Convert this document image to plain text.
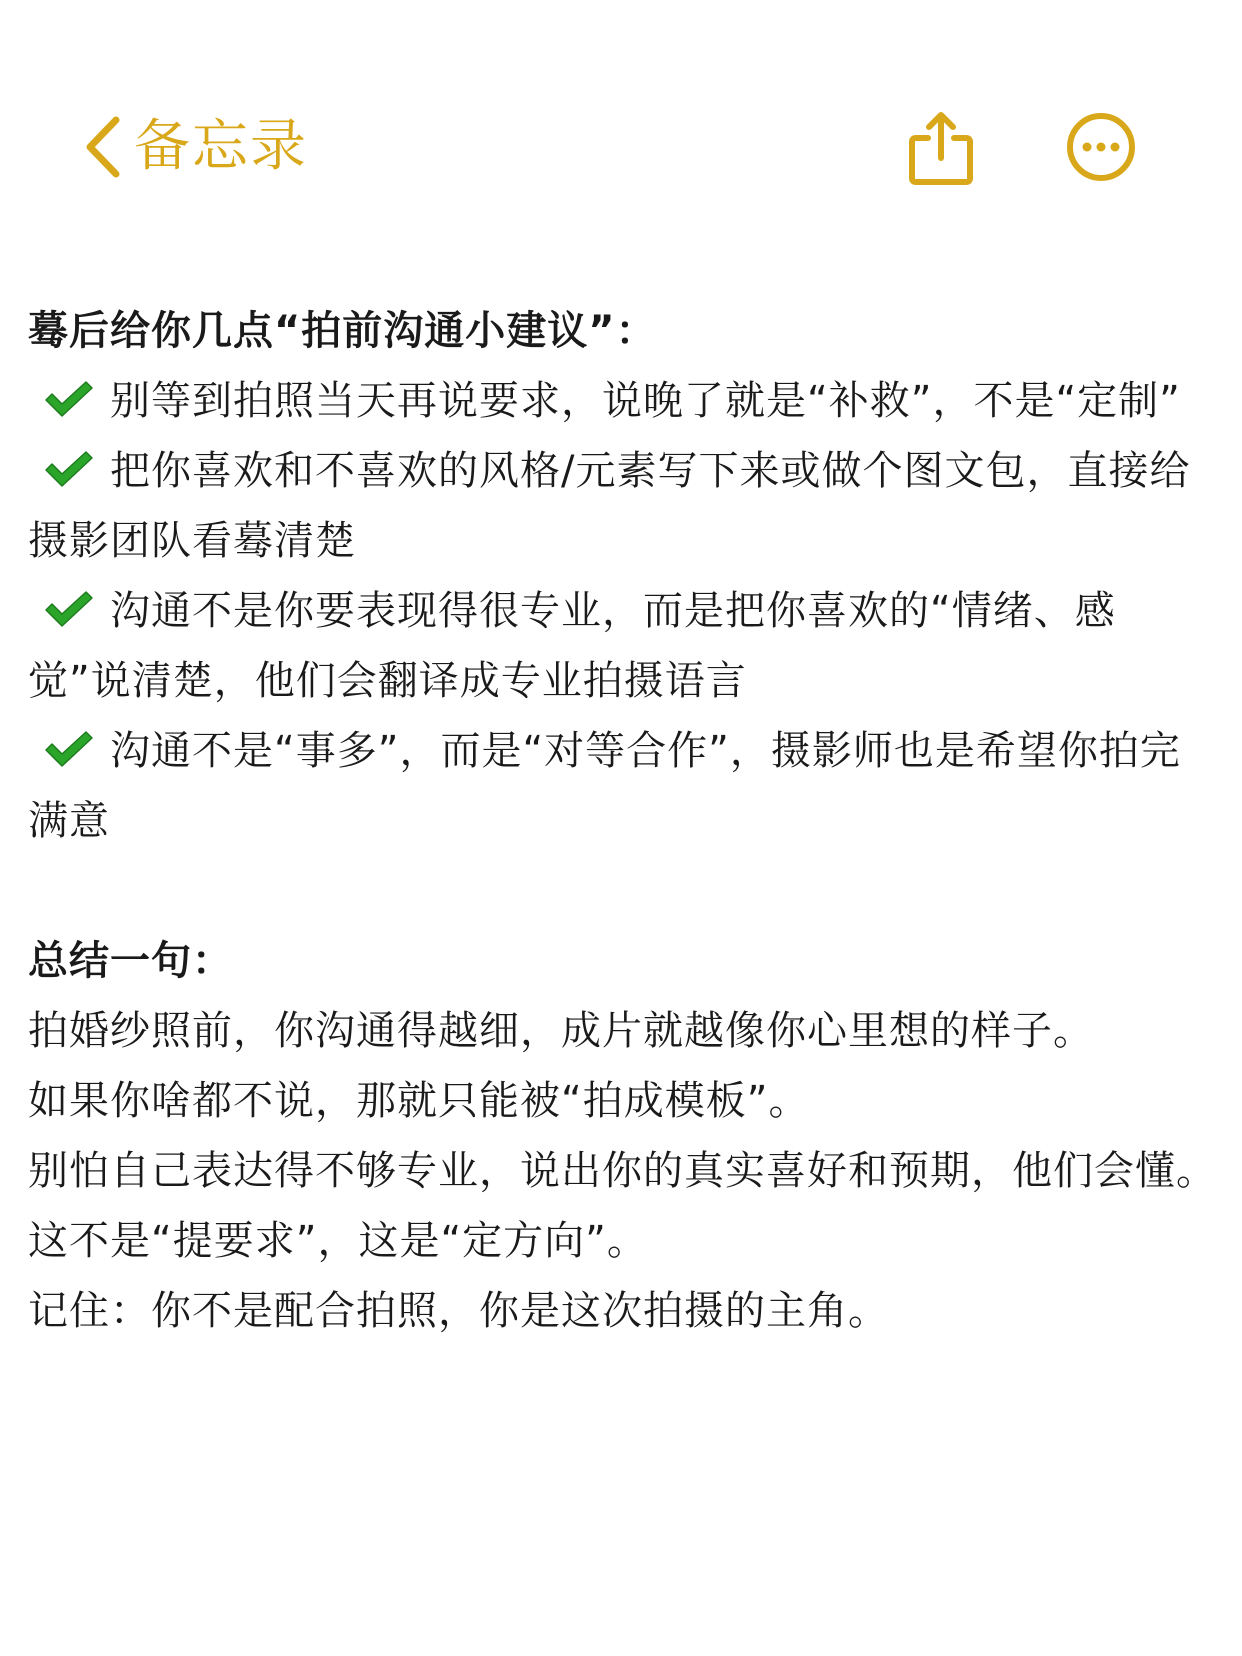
备忘录

蓦后给你几点“拍前沟通小建议”：

别等到拍照当天再说要求，说晚了就是“补救”，不是“定制”

把你喜欢和不喜欢的风格/元素写下来或做个图文包，直接给摄影团队看蓦清楚

沟通不是你要表现得很专业，而是把你喜欢的“情绪、感觉”说清楚，他们会翻译成专业拍摄语言

沟通不是“事多”，而是“对等合作”，摄影师也是希望你拍完满意

总结一句：

拍婚纱照前，你沟通得越细，成片就越像你心里想的样子。

如果你啥都不说，那就只能被“拍成模板”。

别怕自己表达得不够专业，说出你的真实喜好和预期，他们会懂。

这不是“提要求”，这是“定方向”。

记住：你不是配合拍照，你是这次拍摄的主角。
